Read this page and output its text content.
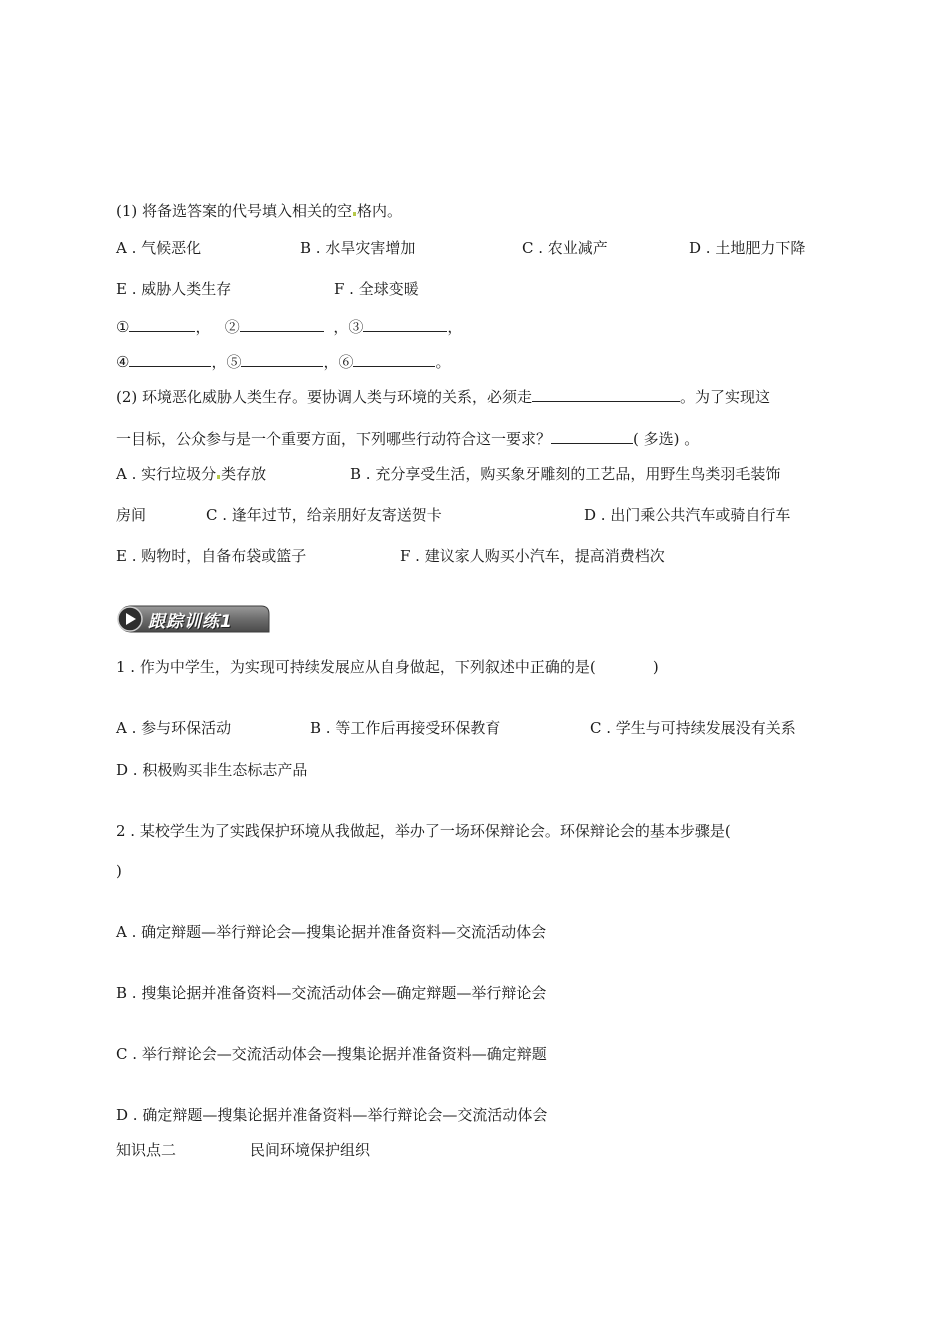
(1) 将备选答案的代号填入相关的空 格内。
A . 气候恶化	B . 水旱灾害增加	C . 农业减产	D . 土地肥力下降
E . 威胁人类生存	F . 全球变暖
①	， ②	，③	，
④	，⑤	，⑥	。
(2) 环境恶化威胁人类生存。要协调人类与环境的关系，必须走	。为了实现这
一目标，公众参与是一个重要方面，下列哪些行动符合这一要求？	( 多选) 。
A . 实行垃圾分 类存放	B . 充分享受生活，购买象牙雕刻的工艺品，用野生鸟类羽毛装饰
房间	C . 逢年过节，给亲朋好友寄送贺卡	D . 出门乘公共汽车或骑自行车
E . 购物时，自备布袋或篮子	F . 建议家人购买小汽车，提高消费档次
跟踪训练1
1 . 作为中学生，为实现可持续发展应从自身做起，下列叙述中正确的是(	)
A . 参与环保活动	B . 等工作后再接受环保教育	C . 学生与可持续发展没有关系
D . 积极购买非生态标志产品
2 . 某校学生为了实践保护环境从我做起，举办了一场环保辩论会。环保辩论会的基本步骤是(
)
A . 确定辩题—举行辩论会—搜集论据并准备资料—交流活动体会
B . 搜集论据并准备资料—交流活动体会—确定辩题—举行辩论会
C . 举行辩论会—交流活动体会—搜集论据并准备资料—确定辩题
D . 确定辩题—搜集论据并准备资料—举行辩论会—交流活动体会
知识点二	民间环境保护组织
